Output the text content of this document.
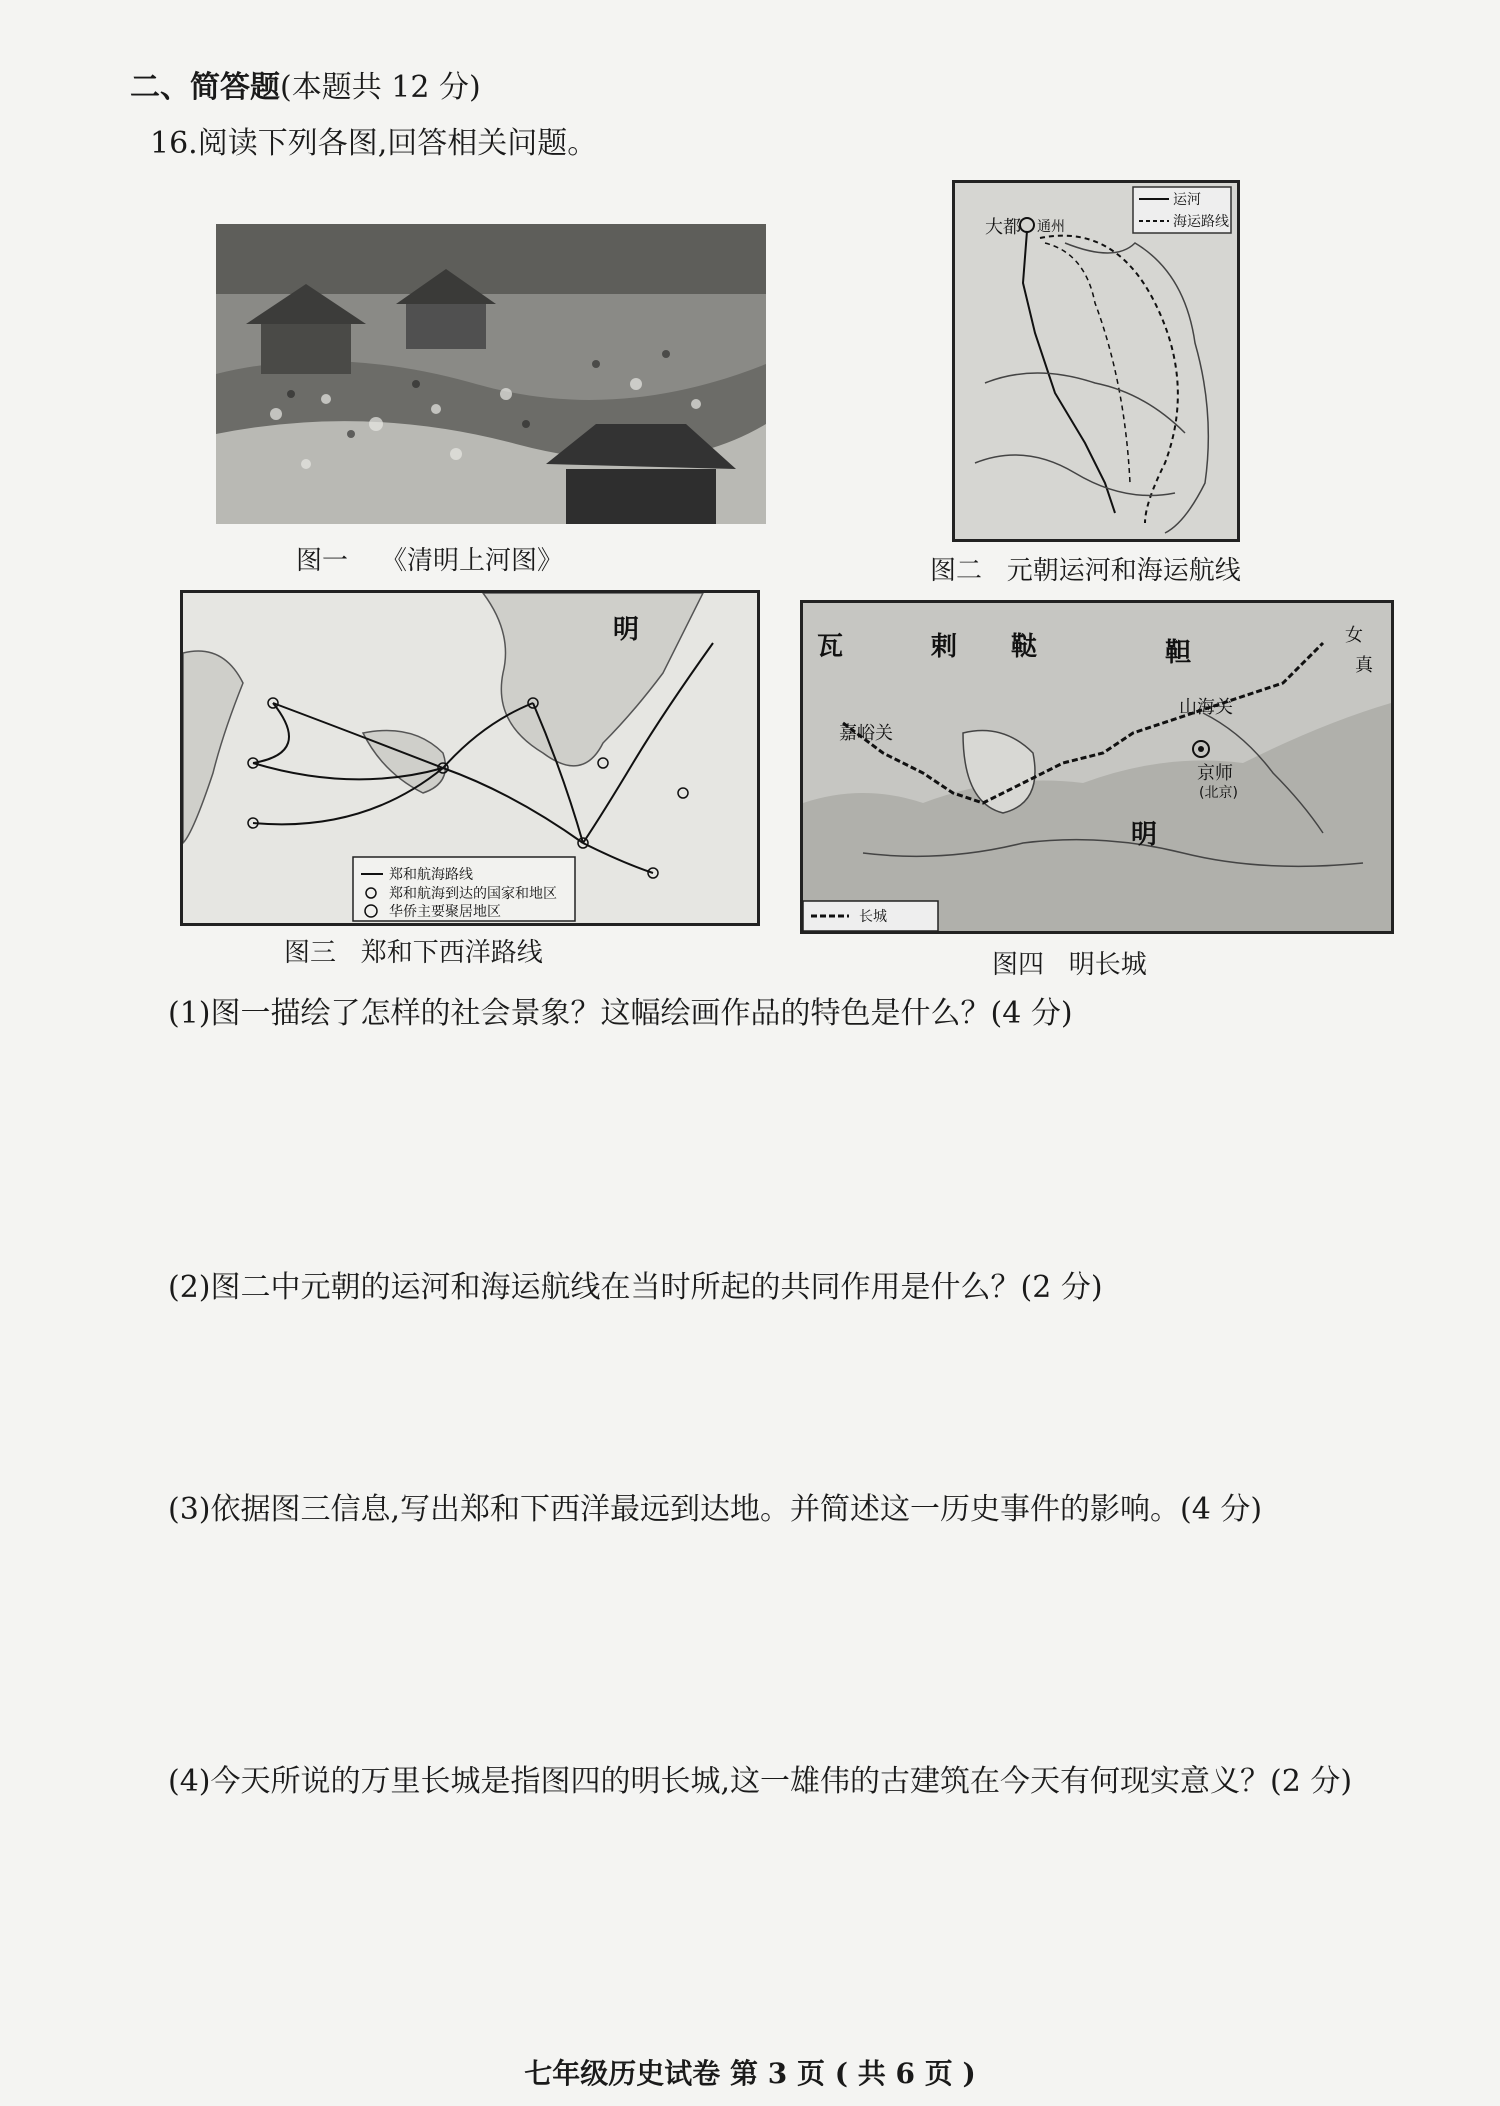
二、简答题(本题共 12 分)
16.阅读下列各图,回答相关问题。
图一    《清明上河图》
运河
海运路线
大都 通州
图二   元朝运河和海运航线
明
郑和航海路线
郑和航海到达的国家和地区
华侨主要聚居地区
图三   郑和下西洋路线
瓦	剌 鞑	靼
女
真
山海关
京师
(北京)
嘉峪关
明
长城
图四   明长城
(1)图一描绘了怎样的社会景象？这幅绘画作品的特色是什么？(4 分)
(2)图二中元朝的运河和海运航线在当时所起的共同作用是什么？(2 分)
(3)依据图三信息,写出郑和下西洋最远到达地。并简述这一历史事件的影响。(4 分)
(4)今天所说的万里长城是指图四的明长城,这一雄伟的古建筑在今天有何现实意义？(2 分)
七年级历史试卷 第 3 页 ( 共 6 页 )
